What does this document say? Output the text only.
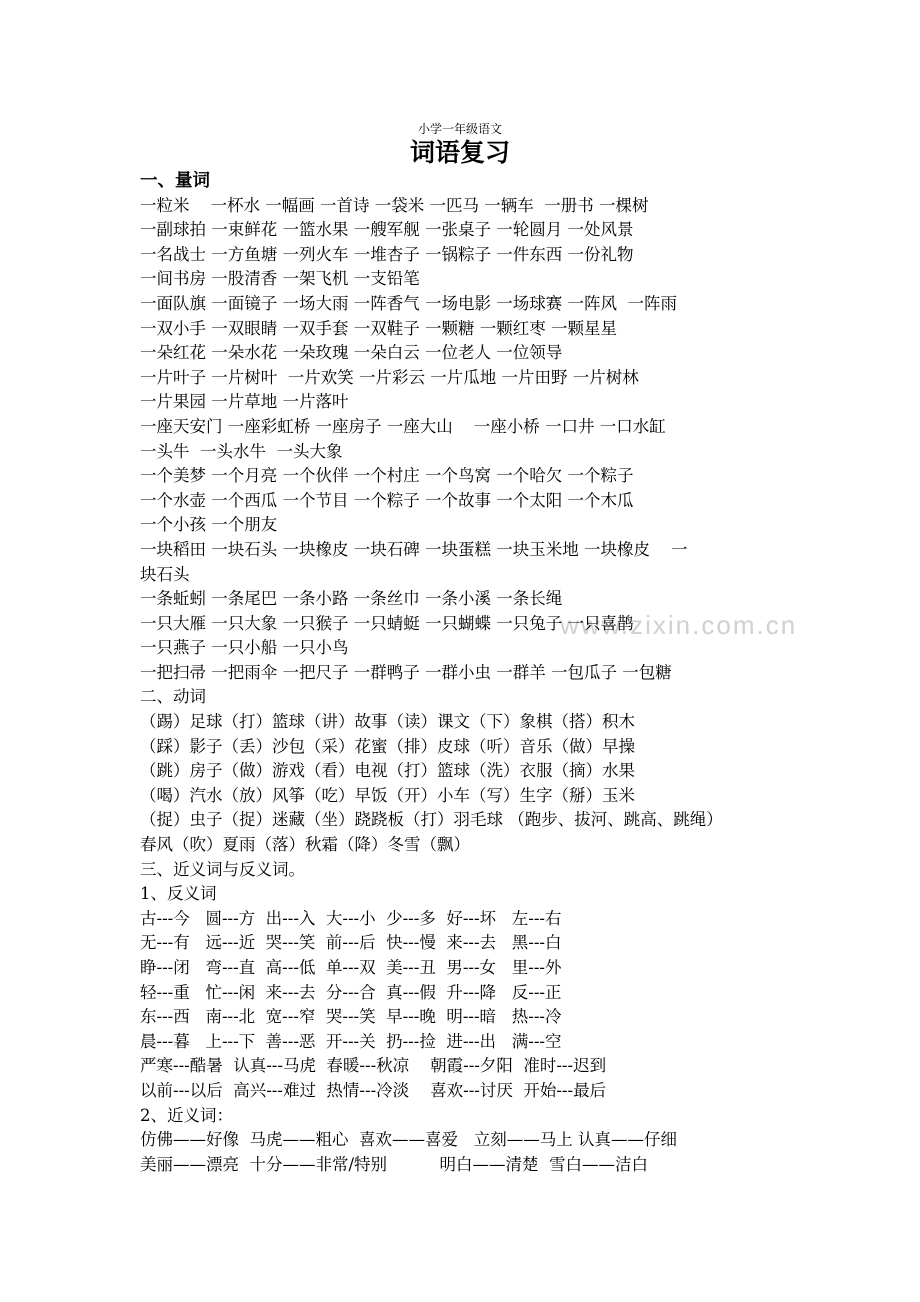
小学一年级语文
词语复习
www.zixin.com.cn
一、量词
一粒米    一杯水 一幅画 一首诗 一袋米 一匹马 一辆车  一册书 一棵树
一副球拍 一束鲜花 一篮水果 一艘军舰 一张桌子 一轮圆月 一处风景
一名战士 一方鱼塘 一列火车 一堆杏子 一锅粽子 一件东西 一份礼物
一间书房 一股清香 一架飞机 一支铅笔
一面队旗 一面镜子 一场大雨 一阵香气 一场电影 一场球赛 一阵风  一阵雨
一双小手 一双眼睛 一双手套 一双鞋子 一颗糖 一颗红枣 一颗星星
一朵红花 一朵水花 一朵玫瑰 一朵白云 一位老人 一位领导
一片叶子 一片树叶  一片欢笑 一片彩云 一片瓜地 一片田野 一片树林
一片果园 一片草地 一片落叶
一座天安门 一座彩虹桥 一座房子 一座大山    一座小桥 一口井 一口水缸
一头牛  一头水牛  一头大象
一个美梦 一个月亮 一个伙伴 一个村庄 一个鸟窝 一个哈欠 一个粽子
一个水壶 一个西瓜 一个节目 一个粽子 一个故事 一个太阳 一个木瓜
一个小孩 一个朋友
一块稻田 一块石头 一块橡皮 一块石碑 一块蛋糕 一块玉米地 一块橡皮    一
块石头
一条蚯蚓 一条尾巴 一条小路 一条丝巾 一条小溪 一条长绳
一只大雁 一只大象 一只猴子 一只蜻蜓 一只蝴蝶 一只兔子 一只喜鹊
一只燕子 一只小船 一只小鸟
一把扫帚 一把雨伞 一把尺子 一群鸭子 一群小虫 一群羊 一包瓜子 一包糖
二、动词
（踢）足球（打）篮球（讲）故事（读）课文（下）象棋（搭）积木
（踩）影子（丢）沙包（采）花蜜（排）皮球（听）音乐（做）早操
（跳）房子（做）游戏（看）电视（打）篮球（洗）衣服（摘）水果
（喝）汽水（放）风筝（吃）早饭（开）小车（写）生字（掰）玉米
（捉）虫子（捉）迷藏（坐）跷跷板（打）羽毛球 （跑步、拔河、跳高、跳绳）
春风（吹）夏雨（落）秋霜（降）冬雪（飘）
三、近义词与反义词。
1、反义词
古---今   圆---方  出---入  大---小  少---多  好---坏   左---右
无---有   远---近  哭---笑  前---后  快---慢  来---去   黑---白
睁---闭   弯---直  高---低  单---双  美---丑  男---女   里---外
轻---重   忙---闲  来---去  分---合  真---假  升---降   反---正
东---西   南---北  宽---窄  哭---笑  早---晚  明---暗   热---冷
晨---暮   上---下  善---恶  开---关  扔---捡  进---出   满---空
严寒---酷暑  认真---马虎  春暖---秋凉    朝霞---夕阳  准时---迟到
以前---以后  高兴---难过  热情---冷淡    喜欢---讨厌  开始---最后
2、近义词：
仿佛——好像  马虎——粗心  喜欢——喜爱   立刻——马上 认真——仔细
美丽——漂亮  十分——非常/特别          明白——清楚  雪白——洁白
